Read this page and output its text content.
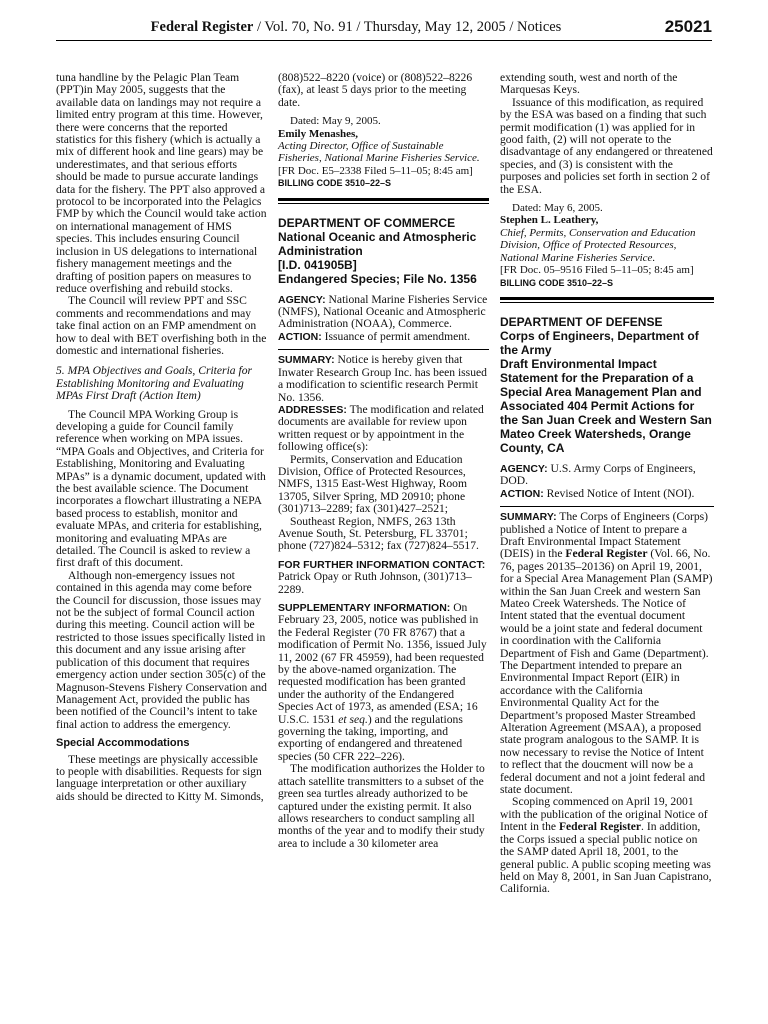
Federal Register / Vol. 70, No. 91 / Thursday, May 12, 2005 / Notices	25021

tuna handline by the Pelagic Plan Team (PPT)in May 2005, suggests that the available data on landings may not require a limited entry program at this time. However, there were concerns that the reported statistics for this fishery (which is actually a mix of different hook and line gears) may be underestimates, and that serious efforts should be made to pursue accurate landings data for the fishery. The PPT also approved a protocol to be incorporated into the Pelagics FMP by which the Council would take action on international management of HMS species. This includes ensuring Council inclusion in US delegations to international fishery management meetings and the drafting of position papers on measures to reduce overfishing and rebuild stocks.

The Council will review PPT and SSC comments and recommendations and may take final action on an FMP amendment on how to deal with BET overfishing both in the domestic and international fisheries.

5. MPA Objectives and Goals, Criteria for Establishing Monitoring and Evaluating MPAs First Draft (Action Item)

The Council MPA Working Group is developing a guide for Council family reference when working on MPA issues. “MPA Goals and Objectives, and Criteria for Establishing, Monitoring and Evaluating MPAs” is a dynamic document, updated with the best available science. The Document incorporates a flowchart illustrating a NEPA based process to establish, monitor and evaluate MPAs, and criteria for establishing, monitoring and evaluating MPAs are detailed. The Council is asked to review a first draft of this document.

Although non-emergency issues not contained in this agenda may come before the Council for discussion, those issues may not be the subject of formal Council action during this meeting. Council action will be restricted to those issues specifically listed in this document and any issue arising after publication of this document that requires emergency action under section 305(c) of the Magnuson-Stevens Fishery Conservation and Management Act, provided the public has been notified of the Council’s intent to take final action to address the emergency.

Special Accommodations

These meetings are physically accessible to people with disabilities. Requests for sign language interpretation or other auxiliary aids should be directed to Kitty M. Simonds,

(808)522–8220 (voice) or (808)522–8226 (fax), at least 5 days prior to the meeting date.

Dated: May 9, 2005.

Emily Menashes,

Acting Director, Office of Sustainable Fisheries, National Marine Fisheries Service.

[FR Doc. E5–2338 Filed 5–11–05; 8:45 am]

BILLING CODE 3510–22–S

DEPARTMENT OF COMMERCE

National Oceanic and Atmospheric Administration

[I.D. 041905B]

Endangered Species; File No. 1356

AGENCY: National Marine Fisheries Service (NMFS), National Oceanic and Atmospheric Administration (NOAA), Commerce.

ACTION: Issuance of permit amendment.

SUMMARY: Notice is hereby given that Inwater Research Group Inc. has been issued a modification to scientific research Permit No. 1356.

ADDRESSES: The modification and related documents are available for review upon written request or by appointment in the following office(s):

Permits, Conservation and Education Division, Office of Protected Resources, NMFS, 1315 East-West Highway, Room 13705, Silver Spring, MD 20910; phone (301)713–2289; fax (301)427–2521;

Southeast Region, NMFS, 263 13th Avenue South, St. Petersburg, FL 33701; phone (727)824–5312; fax (727)824–5517.

FOR FURTHER INFORMATION CONTACT:

Patrick Opay or Ruth Johnson, (301)713–2289.

SUPPLEMENTARY INFORMATION: On February 23, 2005, notice was published in the Federal Register (70 FR 8767) that a modification of Permit No. 1356, issued July 11, 2002 (67 FR 45959), had been requested by the above-named organization. The requested modification has been granted under the authority of the Endangered Species Act of 1973, as amended (ESA; 16 U.S.C. 1531 et seq.) and the regulations governing the taking, importing, and exporting of endangered and threatened species (50 CFR 222–226).

The modification authorizes the Holder to attach satellite transmitters to a subset of the green sea turtles already authorized to be captured under the existing permit. It also allows researchers to conduct sampling all months of the year and to modify their study area to include a 30 kilometer area

extending south, west and north of the Marquesas Keys.

Issuance of this modification, as required by the ESA was based on a finding that such permit modification (1) was applied for in good faith, (2) will not operate to the disadvantage of any endangered or threatened species, and (3) is consistent with the purposes and policies set forth in section 2 of the ESA.

Dated: May 6, 2005.

Stephen L. Leathery,

Chief, Permits, Conservation and Education Division, Office of Protected Resources, National Marine Fisheries Service.

[FR Doc. 05–9516 Filed 5–11–05; 8:45 am]

BILLING CODE 3510–22–S

DEPARTMENT OF DEFENSE

Corps of Engineers, Department of the Army

Draft Environmental Impact Statement for the Preparation of a Special Area Management Plan and Associated 404 Permit Actions for the San Juan Creek and Western San Mateo Creek Watersheds, Orange County, CA

AGENCY: U.S. Army Corps of Engineers, DOD.

ACTION: Revised Notice of Intent (NOI).

SUMMARY: The Corps of Engineers (Corps) published a Notice of Intent to prepare a Draft Environmental Impact Statement (DEIS) in the Federal Register (Vol. 66, No. 76, pages 20135–20136) on April 19, 2001, for a Special Area Management Plan (SAMP) within the San Juan Creek and western San Mateo Creek Watersheds. The Notice of Intent stated that the eventual document would be a joint state and federal document in coordination with the California Department of Fish and Game (Department). The Department intended to prepare an Environmental Impact Report (EIR) in accordance with the California Environmental Quality Act for the Department’s proposed Master Streambed Alteration Agreement (MSAA), a proposed state program analogous to the SAMP. It is now necessary to revise the Notice of Intent to reflect that the doucment will now be a federal document and not a joint federal and state document.

Scoping commenced on April 19, 2001 with the publication of the original Notice of Intent in the Federal Register. In addition, the Corps issued a special public notice on the SAMP dated April 18, 2001, to the general public. A public scoping meeting was held on May 8, 2001, in San Juan Capistrano, California.
